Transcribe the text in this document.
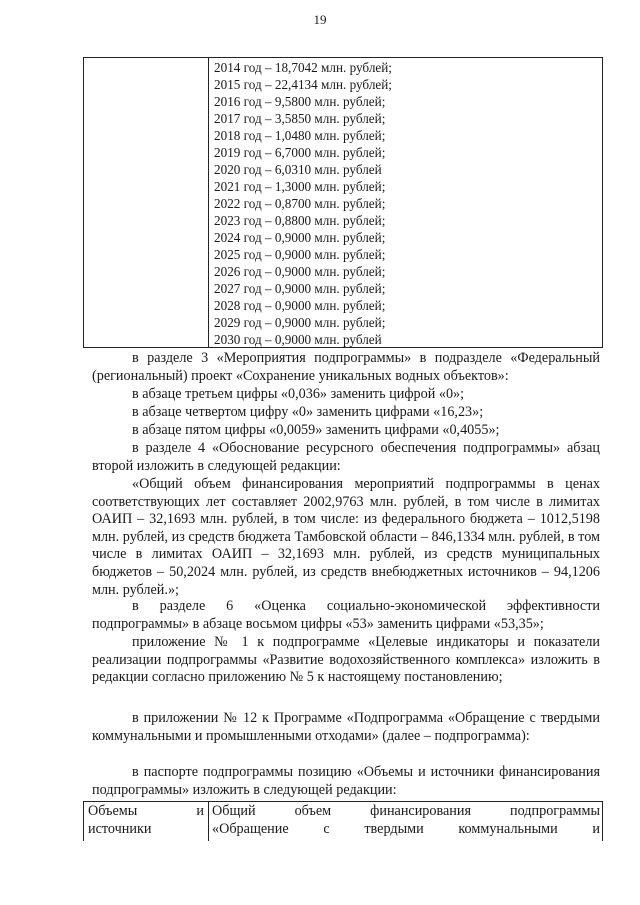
19
2014 год – 18,7042 млн. рублей;
2015 год – 22,4134 млн. рублей;
2016 год – 9,5800 млн. рублей;
2017 год – 3,5850 млн. рублей;
2018 год – 1,0480 млн. рублей;
2019 год – 6,7000 млн. рублей;
2020 год – 6,0310 млн. рублей
2021 год – 1,3000 млн. рублей;
2022 год – 0,8700 млн. рублей;
2023 год – 0,8800 млн. рублей;
2024 год – 0,9000 млн. рублей;
2025 год – 0,9000 млн. рублей;
2026 год – 0,9000 млн. рублей;
2027 год – 0,9000 млн. рублей;
2028 год – 0,9000 млн. рублей;
2029 год – 0,9000 млн. рублей;
2030 год – 0,9000 млн. рублей
в разделе 3 «Мероприятия подпрограммы» в подразделе «Федеральный (региональный) проект «Сохранение уникальных водных объектов»:
в абзаце третьем цифры «0,036» заменить цифрой «0»;
в абзаце четвертом цифру «0» заменить цифрами «16,23»;
в абзаце пятом цифры «0,0059» заменить цифрами «0,4055»;
в разделе 4 «Обоснование ресурсного обеспечения подпрограммы» абзац второй изложить в следующей редакции:
«Общий объем финансирования мероприятий подпрограммы в ценах соответствующих лет составляет 2002,9763 млн. рублей, в том числе в лимитах ОАИП – 32,1693 млн. рублей, в том числе: из федерального бюджета – 1012,5198 млн. рублей, из средств бюджета Тамбовской области – 846,1334 млн. рублей, в том числе в лимитах ОАИП – 32,1693 млн. рублей, из средств муниципальных бюджетов – 50,2024 млн. рублей, из средств внебюджетных источников – 94,1206 млн. рублей.»;
в разделе 6 «Оценка социально-экономической эффективности подпрограммы» в абзаце восьмом цифры «53» заменить цифрами «53,35»;
приложение № 1 к подпрограмме «Целевые индикаторы и показатели реализации подпрограммы «Развитие водохозяйственного комплекса» изложить в редакции согласно приложению № 5 к настоящему постановлению;
в приложении № 12 к Программе «Подпрограмма «Обращение с твердыми коммунальными и промышленными отходами» (далее – подпрограмма):
в паспорте подпрограммы позицию «Объемы и источники финансирования подпрограммы» изложить в следующей редакции:
Объемы и
источники
Общий объем финансирования подпрограммы
«Обращение с твердыми коммунальными и
